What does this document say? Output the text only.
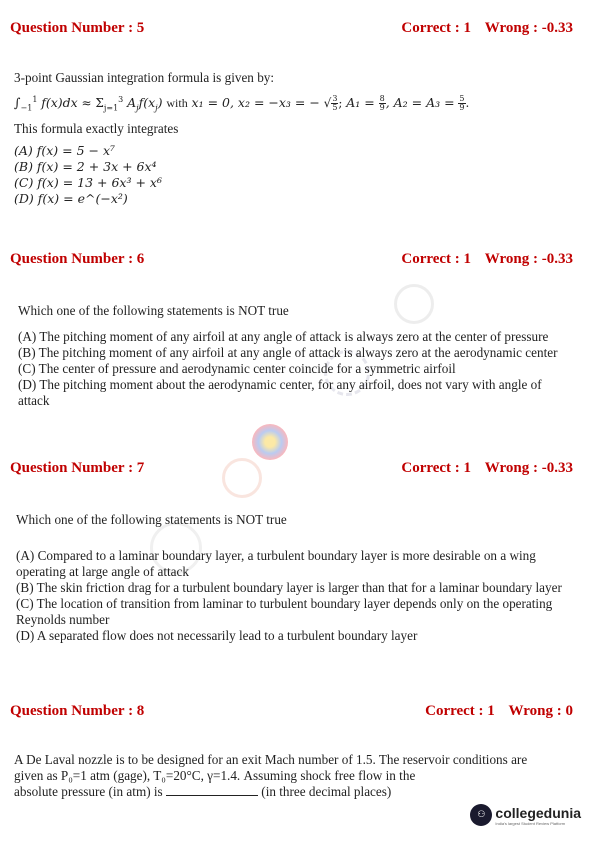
Question Number : 5	Correct : 1 Wrong : -0.33

3-point Gaussian integration formula is given by:

$\int_{-1}^1$ $f(x)dx \approx \Sigma_{j=1}^3$ $A_jf(x_j)$ with x₁ = 0, x₂ = −x₃ = − √ $\frac{3}{5}$ ; $A_1 = \frac{8}{9}$ , $A_2 = A_3 = \frac{5}{9}$ .

This formula exactly integrates

(A) f(x) = 5 − x⁷

(B) f(x) = 2 + 3x + 6x⁴

(C) f(x) = 13 + 6x³ + x⁶

(D) f(x) = e^(−x²)

Question Number : 6	Correct : 1 Wrong : -0.33

Which one of the following statements is NOT true

(A) The pitching moment of any airfoil at any angle of attack is always zero at the center of pressure

(B) The pitching moment of any airfoil at any angle of attack is always zero at the aerodynamic center

(C) The center of pressure and aerodynamic center coincide for a symmetric airfoil

(D) The pitching moment about the aerodynamic center, for any airfoil, does not vary with angle of attack

Question Number : 7	Correct : 1 Wrong : -0.33

Which one of the following statements is NOT true

(A) Compared to a laminar boundary layer, a turbulent boundary layer is more desirable on a wing operating at large angle of attack

(B) The skin friction drag for a turbulent boundary layer is larger than that for a laminar boundary layer

(C) The location of transition from laminar to turbulent boundary layer depends only on the operating Reynolds number

(D) A separated flow does not necessarily lead to a turbulent boundary layer

Question Number : 8	Correct : 1 Wrong : 0

A De Laval nozzle is to be designed for an exit Mach number of 1.5. The reservoir conditions are

given as P₀=1 atm (gage), T₀=20°C, γ=1.4. Assuming shock free flow in the

absolute pressure (in atm) is	(in three decimal places)

⚇ collegedunia
India's largest Student Review Platform
